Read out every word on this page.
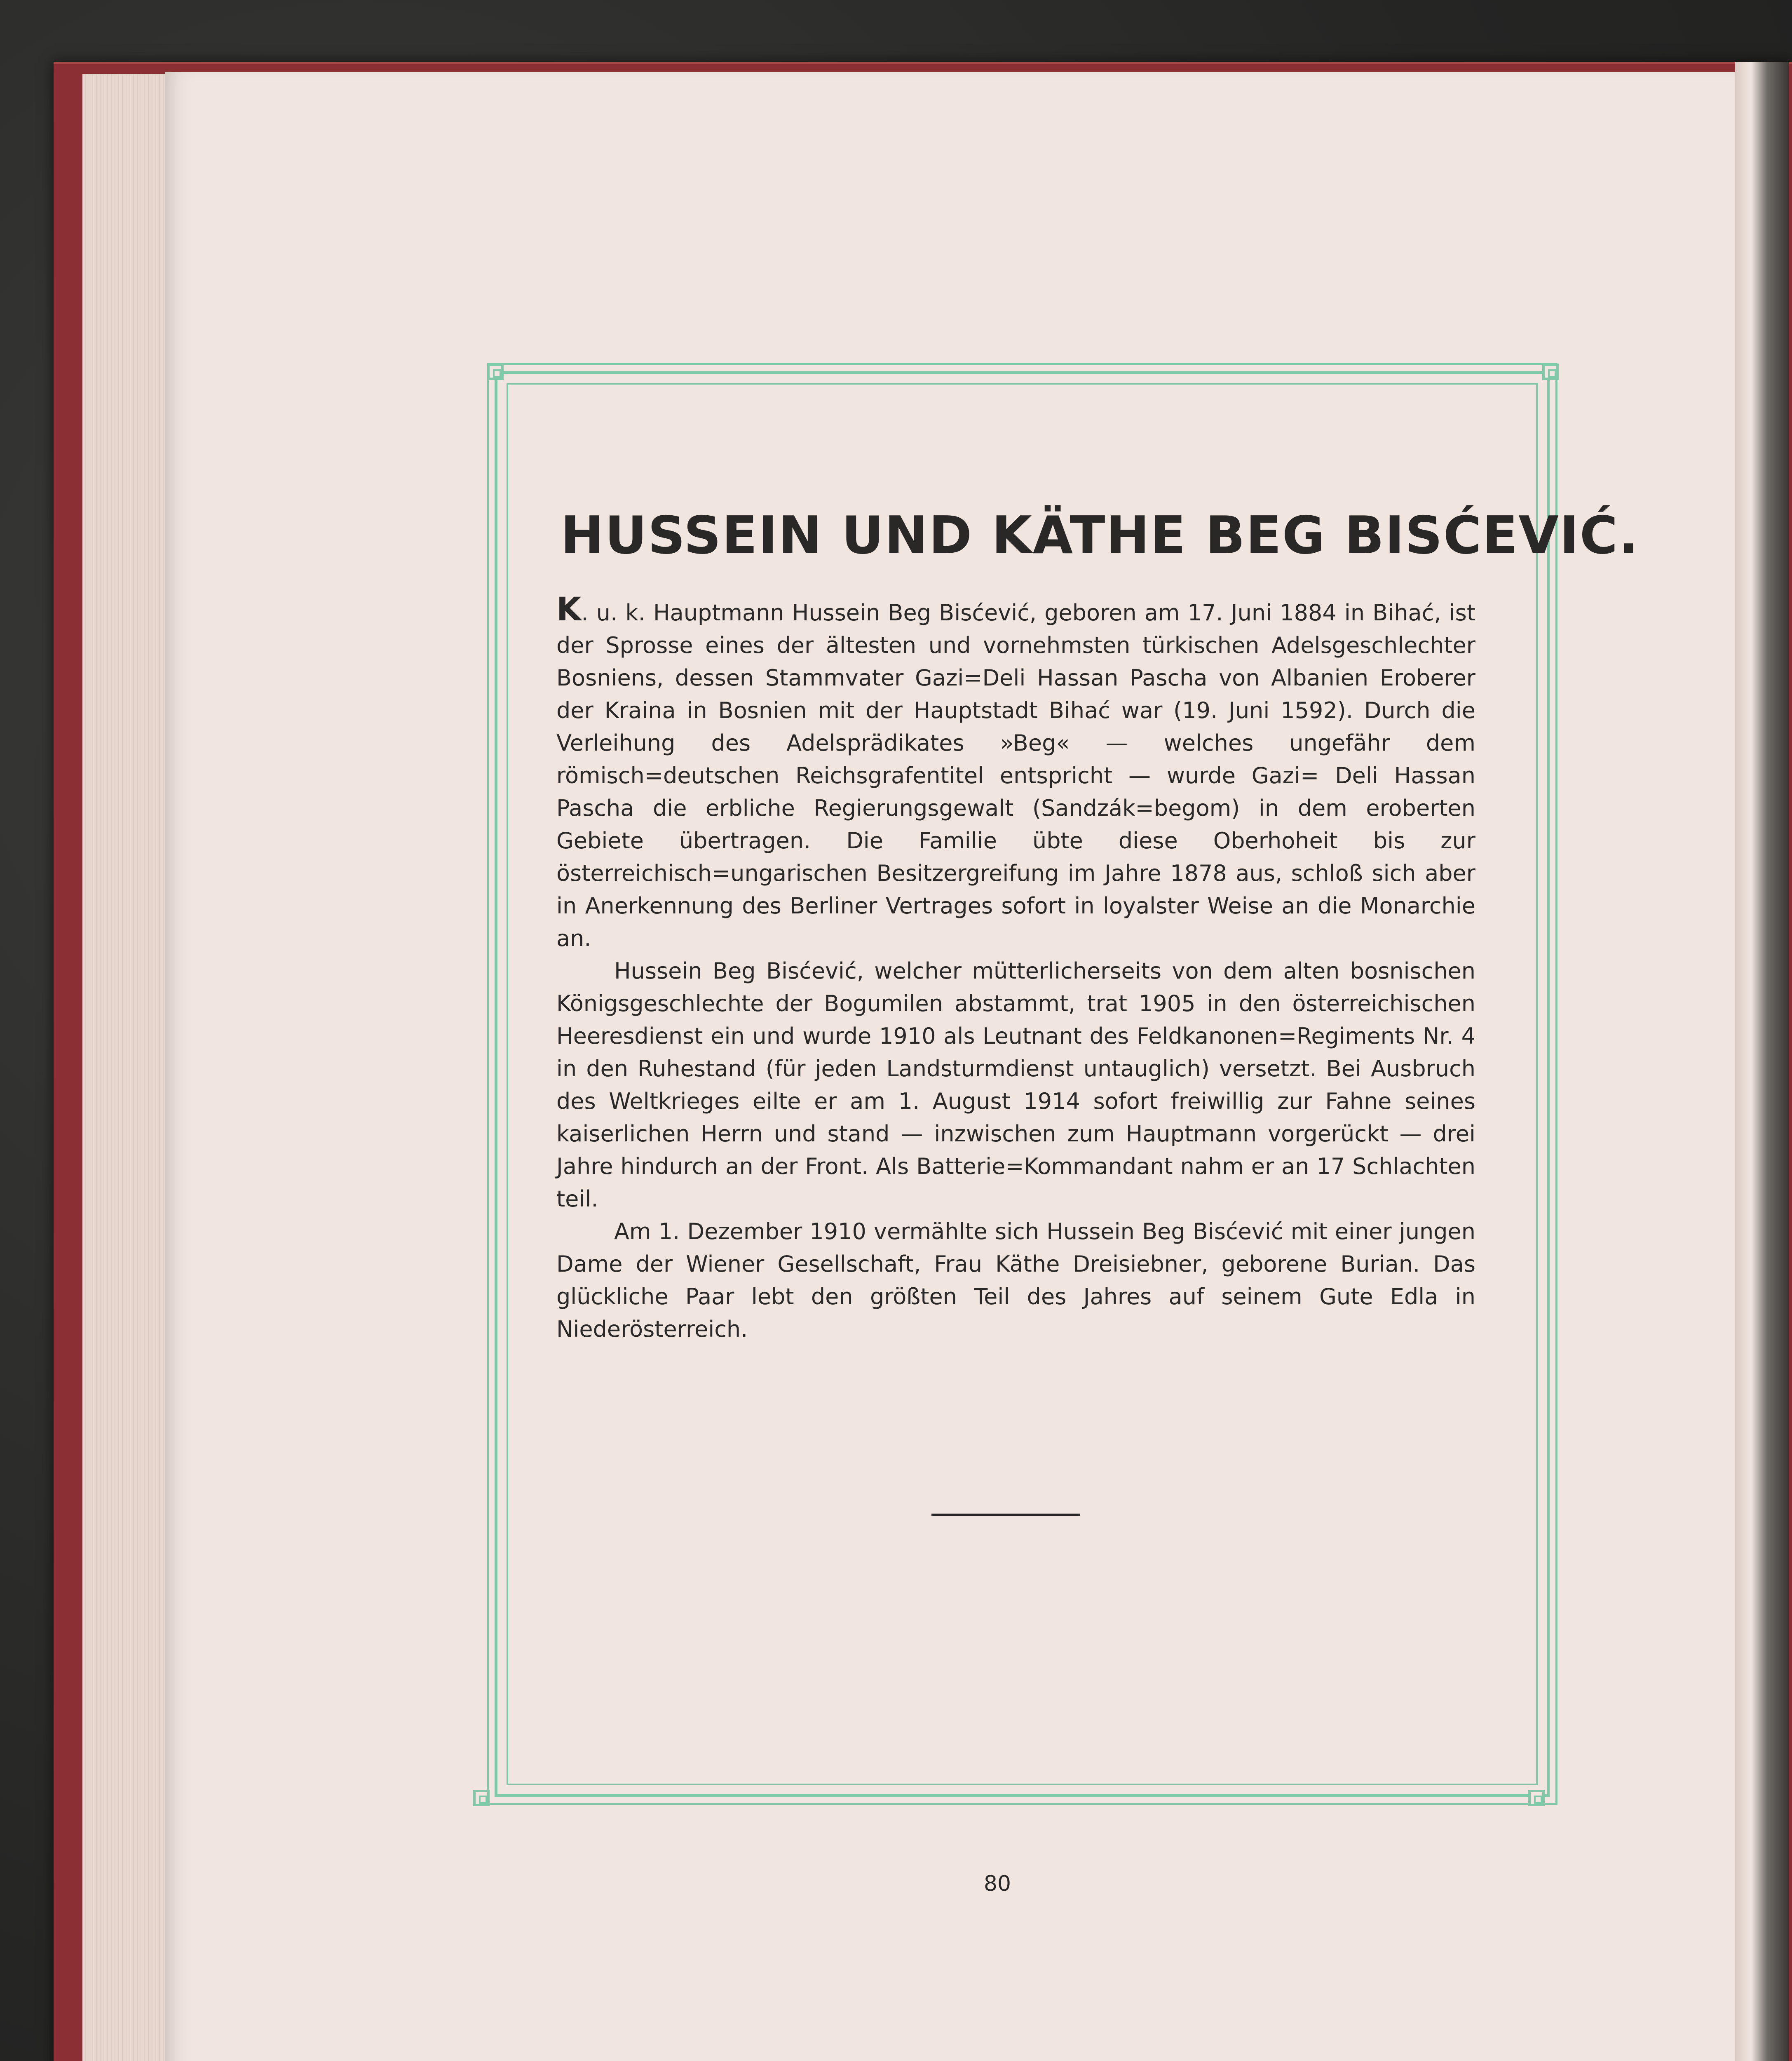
HUSSEIN UND KÄTHE BEG BISĆEVIĆ.

K. u. k. Hauptmann Hussein Beg Bisćević, geboren am 17. Juni 1884 in Bihać, ist der Sprosse eines der ältesten und vornehmsten türkischen Adelsgeschlechter Bosniens, dessen Stammvater Gazi=Deli Hassan Pascha von Albanien Eroberer der Kraina in Bosnien mit der Hauptstadt Bihać war (19. Juni 1592). Durch die Verleihung des Adelsprädikates »Beg« — welches ungefähr dem römisch=deutschen Reichsgrafentitel entspricht — wurde Gazi= Deli Hassan Pascha die erbliche Regierungsgewalt (Sandzák=begom) in dem eroberten Gebiete übertragen. Die Familie übte diese Oberhoheit bis zur österreichisch=ungarischen Besitzergreifung im Jahre 1878 aus, schloß sich aber in Anerkennung des Berliner Vertrages sofort in loyalster Weise an die Monarchie an.

Hussein Beg Bisćević, welcher mütterlicherseits von dem alten bosnischen Königsgeschlechte der Bogumilen abstammt, trat 1905 in den österreichischen Heeresdienst ein und wurde 1910 als Leutnant des Feldkanonen=Regiments Nr. 4 in den Ruhestand (für jeden Landsturmdienst untauglich) versetzt. Bei Ausbruch des Weltkrieges eilte er am 1. August 1914 sofort freiwillig zur Fahne seines kaiserlichen Herrn und stand — inzwischen zum Hauptmann vorgerückt — drei Jahre hindurch an der Front. Als Batterie=Kommandant nahm er an 17 Schlachten teil.

Am 1. Dezember 1910 vermählte sich Hussein Beg Bisćević mit einer jungen Dame der Wiener Gesellschaft, Frau Käthe Dreisiebner, geborene Burian. Das glückliche Paar lebt den größten Teil des Jahres auf seinem Gute Edla in Niederösterreich.

80
